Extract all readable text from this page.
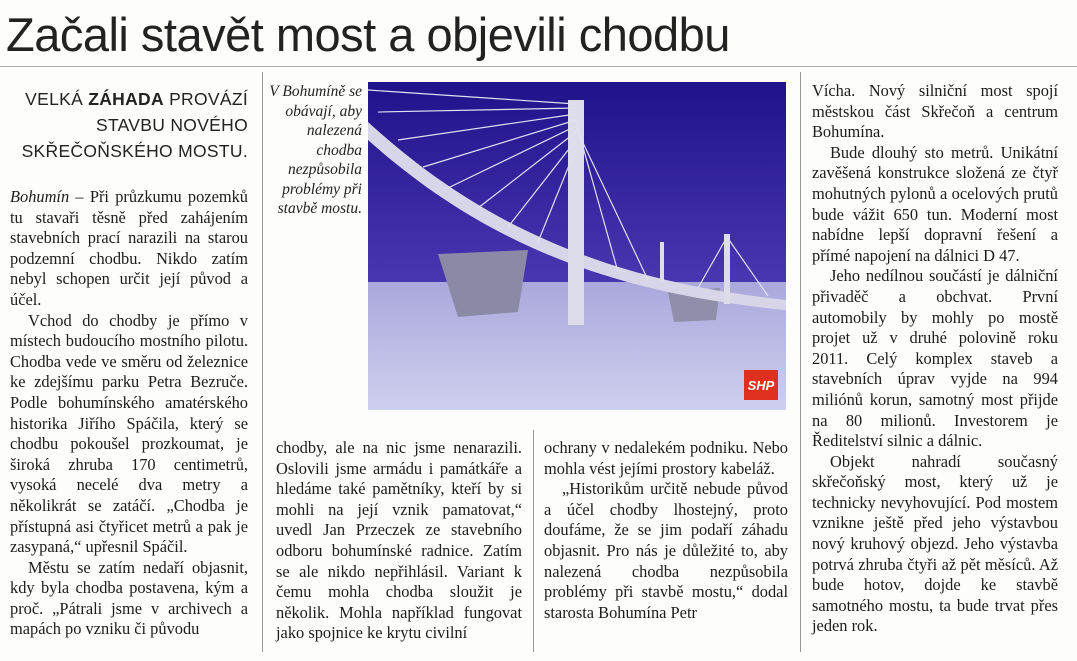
Začali stavět most a objevili chodbu
VELKÁ ZÁHADA PROVÁZÍ STAVBU NOVÉHO SKŘEČOŇSKÉHO MOSTU.
V Bohumíně se obávají, aby nalezená chodba nezpůsobila problémy při stavbě mostu.
SHP

Bohumín – Při průzkumu pozemků tu stavaři těsně před zahájením stavebních prací narazili na starou podzemní chodbu. Nikdo zatím nebyl schopen určit její původ a účel.

Vchod do chodby je přímo v místech budoucího mostního pilotu. Chodba vede ve směru od železnice ke zdejšímu parku Petra Bezruče. Podle bohumínského amatérského historika Jiřího Spáčila, který se chodbu pokoušel prozkoumat, je široká zhruba 170 centimetrů, vysoká necelé dva metry a několikrát se zatáčí. „Chodba je přístupná asi čtyřicet metrů a pak je zasypaná,“ upřesnil Spáčil.

Městu se zatím nedaří objasnit, kdy byla chodba postavena, kým a proč. „Pátrali jsme v archivech a mapách po vzniku či původu

chodby, ale na nic jsme nenarazili. Oslovili jsme armádu i památkáře a hledáme také pamětníky, kteří by si mohli na její vznik pamatovat,“ uvedl Jan Przeczek ze stavebního odboru bohumínské radnice. Zatím se ale nikdo nepřihlásil. Variant k čemu mohla chodba sloužit je několik. Mohla například fungovat jako spojnice ke krytu civilní

ochrany v nedalekém podniku. Nebo mohla vést jejími prostory kabeláž.

„Historikům určitě nebude původ a účel chodby lhostejný, proto doufáme, že se jim podaří záhadu objasnit. Pro nás je důležité to, aby nalezená chodba nezpůsobila problémy při stavbě mostu,“ dodal starosta Bohumína Petr

Vícha. Nový silniční most spojí městskou část Skřečoň a centrum Bohumína.

Bude dlouhý sto metrů. Unikátní zavěšená konstrukce složená ze čtyř mohutných pylonů a ocelových prutů bude vážit 650 tun. Moderní most nabídne lepší dopravní řešení a přímé napojení na dálnici D 47.

Jeho nedílnou součástí je dálniční přivaděč a obchvat. První automobily by mohly po mostě projet už v druhé polovině roku 2011. Celý komplex staveb a stavebních úprav vyjde na 994 miliónů korun, samotný most přijde na 80 milionů. Investorem je Ředitelství silnic a dálnic.

Objekt nahradí současný skřečoňský most, který už je technicky nevyhovující. Pod mostem vznikne ještě před jeho výstavbou nový kruhový objezd. Jeho výstavba potrvá zhruba čtyři až pět měsíců. Až bude hotov, dojde ke stavbě samotného mostu, ta bude trvat přes jeden rok.
